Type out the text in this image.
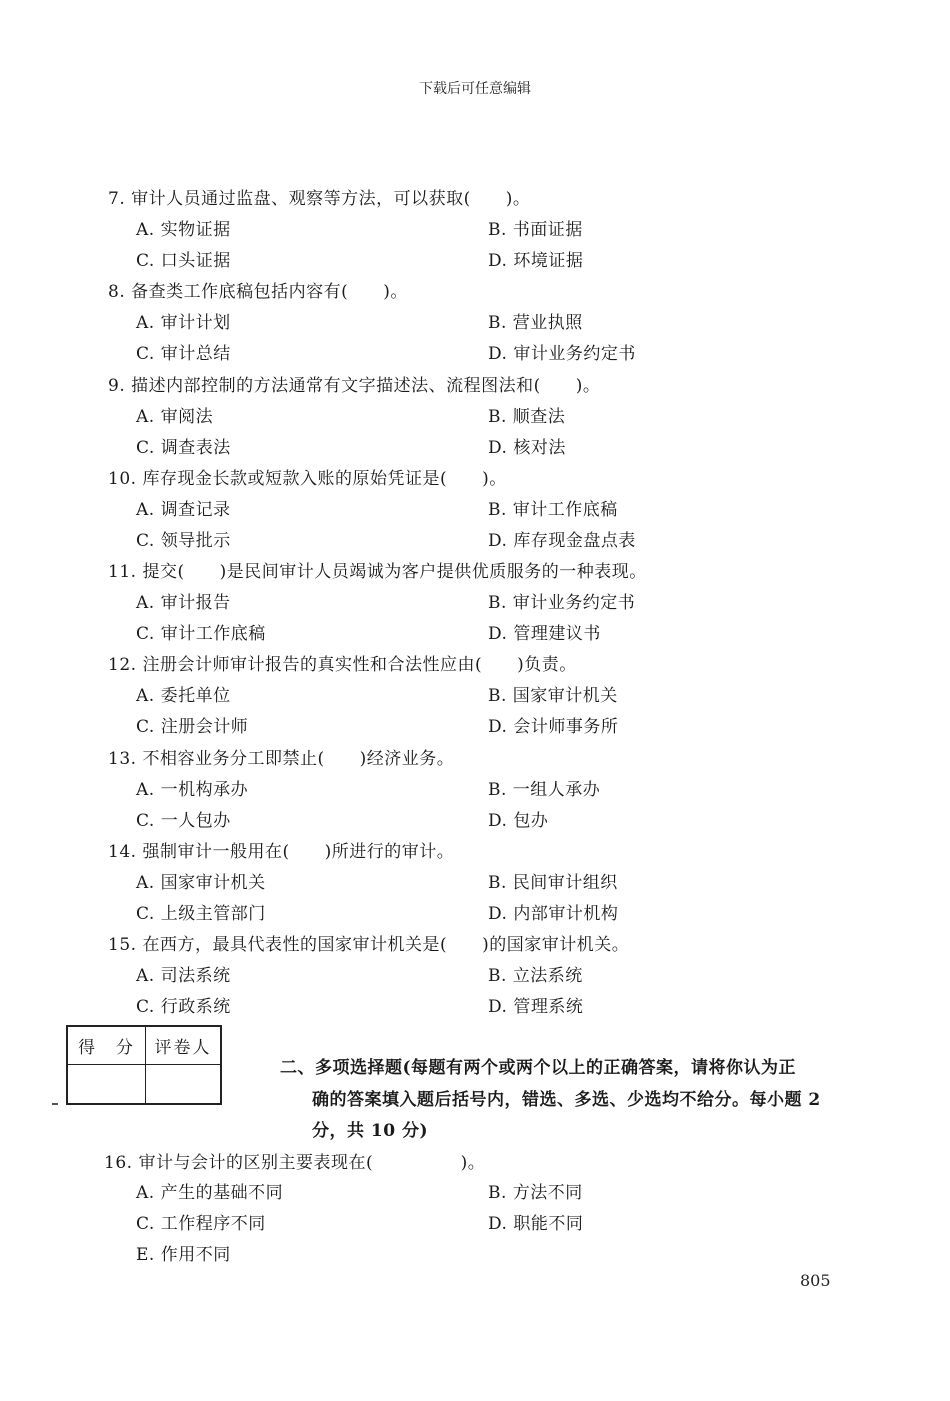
下载后可任意编辑
7. 审计人员通过监盘、观察等方法，可以获取(　　)。
A. 实物证据	B. 书面证据
C. 口头证据	D. 环境证据
8. 备查类工作底稿包括内容有(　　)。
A. 审计计划	B. 营业执照
C. 审计总结	D. 审计业务约定书
9. 描述内部控制的方法通常有文字描述法、流程图法和(　　)。
A. 审阅法	B. 顺查法
C. 调查表法	D. 核对法
10. 库存现金长款或短款入账的原始凭证是(　　)。
A. 调查记录	B. 审计工作底稿
C. 领导批示	D. 库存现金盘点表
11. 提交(　　)是民间审计人员竭诚为客户提供优质服务的一种表现。
A. 审计报告	B. 审计业务约定书
C. 审计工作底稿	D. 管理建议书
12. 注册会计师审计报告的真实性和合法性应由(　　)负责。
A. 委托单位	B. 国家审计机关
C. 注册会计师	D. 会计师事务所
13. 不相容业务分工即禁止(　　)经济业务。
A. 一机构承办	B. 一组人承办
C. 一人包办	D. 包办
14. 强制审计一般用在(　　)所进行的审计。
A. 国家审计机关	B. 民间审计组织
C. 上级主管部门	D. 内部审计机构
15. 在西方，最具代表性的国家审计机关是(　　)的国家审计机关。
A. 司法系统	B. 立法系统
C. 行政系统	D. 管理系统
得　分	评卷人
二、多项选择题(每题有两个或两个以上的正确答案，请将你认为正
确的答案填入题后括号内，错选、多选、少选均不给分。每小题 2
分，共 10 分)
16. 审计与会计的区别主要表现在(　　　　　)。
A. 产生的基础不同	B. 方法不同
C. 工作程序不同	D. 职能不同
E. 作用不同
805
